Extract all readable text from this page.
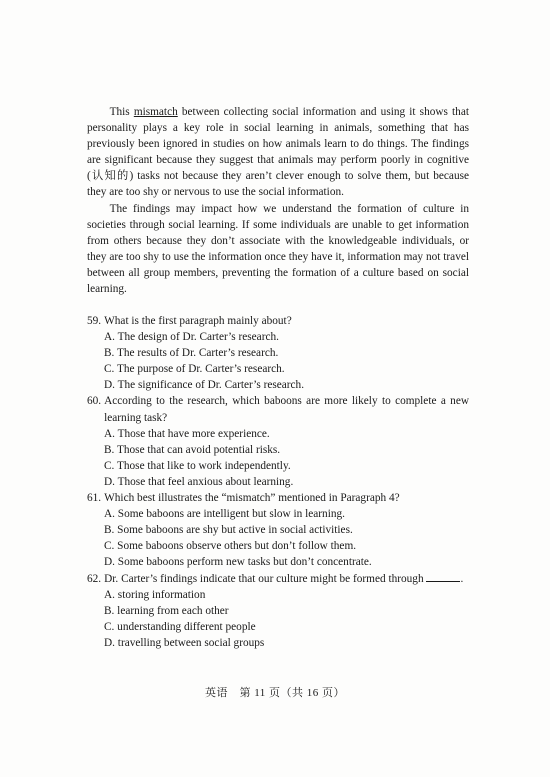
This mismatch between collecting social information and using it shows that personality plays a key role in social learning in animals, something that has previously been ignored in studies on how animals learn to do things. The findings are significant because they suggest that animals may perform poorly in cognitive (认知的) tasks not because they aren’t clever enough to solve them, but because they are too shy or nervous to use the social information.

The findings may impact how we understand the formation of culture in societies through social learning. If some individuals are unable to get information from others because they don’t associate with the knowledgeable individuals, or they are too shy to use the information once they have it, information may not travel between all group members, preventing the formation of a culture based on social learning.

59. What is the first paragraph mainly about?
A. The design of Dr. Carter’s research.
B. The results of Dr. Carter’s research.
C. The purpose of Dr. Carter’s research.
D. The significance of Dr. Carter’s research.
60. According to the research, which baboons are more likely to complete a new learning task?
A. Those that have more experience.
B. Those that can avoid potential risks.
C. Those that like to work independently.
D. Those that feel anxious about learning.
61. Which best illustrates the “mismatch” mentioned in Paragraph 4?
A. Some baboons are intelligent but slow in learning.
B. Some baboons are shy but active in social activities.
C. Some baboons observe others but don’t follow them.
D. Some baboons perform new tasks but don’t concentrate.
62. Dr. Carter’s findings indicate that our culture might be formed through	.
A. storing information
B. learning from each other
C. understanding different people
D. travelling between social groups
英语　第 11 页（共 16 页）
